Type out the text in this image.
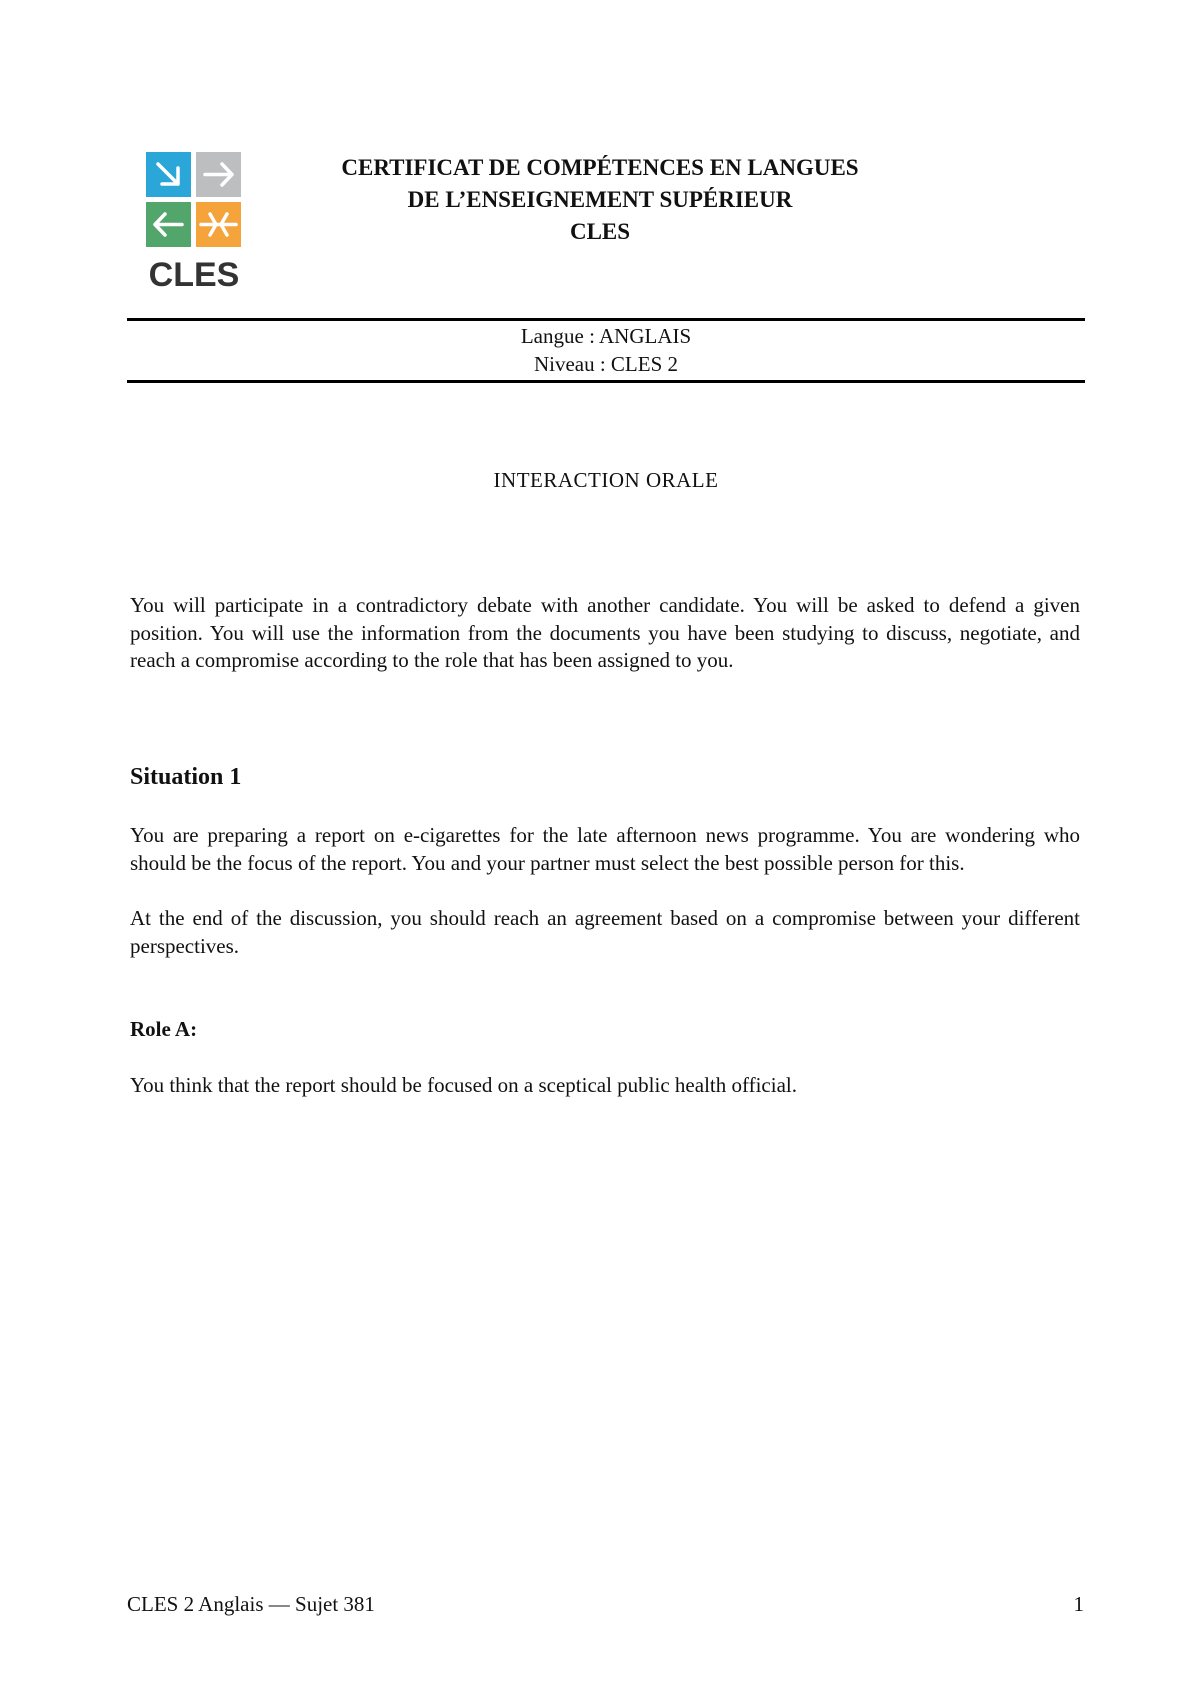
CLES
CERTIFICAT DE COMPÉTENCES EN LANGUES
DE L’ENSEIGNEMENT SUPÉRIEUR
CLES
Langue : ANGLAIS
Niveau : CLES 2
INTERACTION ORALE

You will participate in a contradictory debate with another candidate. You will be asked to defend a given position. You will use the information from the documents you have been studying to discuss, negotiate, and reach a compromise according to the role that has been assigned to you.

Situation 1

You are preparing a report on e-cigarettes for the late afternoon news programme. You are wondering who should be the focus of the report. You and your partner must select the best possible person for this.

At the end of the discussion, you should reach an agreement based on a compromise between your different perspectives.

Role A:

You think that the report should be focused on a sceptical public health official.

CLES 2 Anglais — Sujet 381	1
